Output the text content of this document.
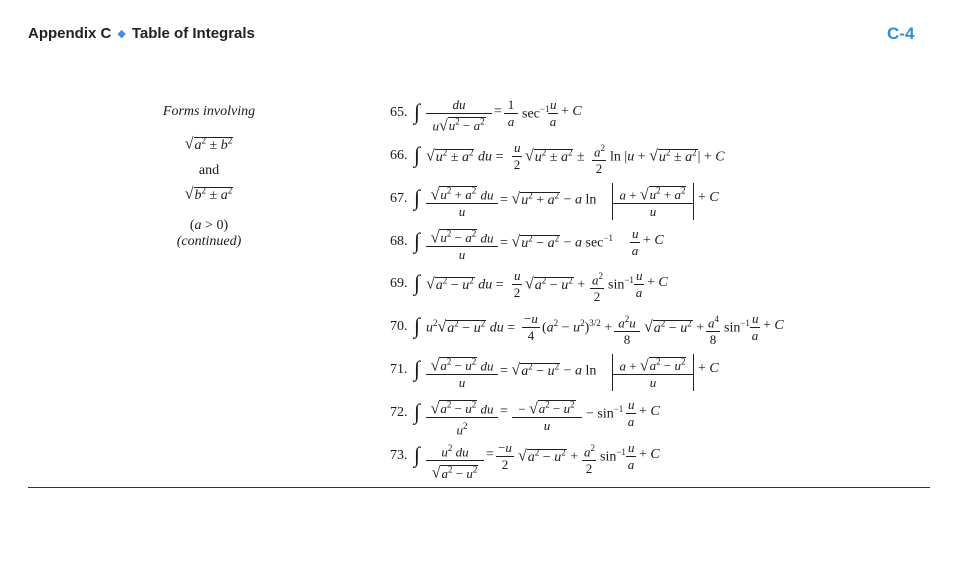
Appendix C ◆ Table of Integrals	C-4
Forms involving
$√a^2 \pm b^2$
and
$√b^2 \pm a^2$
(a > 0)
(continued)
65. ∫ $\frac{du}{u√u^2 - a^2} = \frac{1}{a} \sec^{-1}$
$\frac{u}{a} + C$
66. ∫ $√u^2 \pm a^2$ du = $\frac{u}{2} √u^2 \pm a^2 \pm \frac{a^2}{2}$ $\ln |u + √u^2 \pm a^2| + C$
67. ∫ $\frac{√u^2 + a^2 du}{u} = √u^2 + a^2 - a$ $\ln \frac{a + √u^2 + a^2}{u} + C$
68. ∫ $\frac{√u^2 - a^2 du}{u} = √u^2 - a^2 - a$ $\sec^{-1} \frac{u}{a} + C$
69. ∫ $√a^2 - u^2$ du = $\frac{u}{2} √a^2 - u^2 + \frac{a^2}{2} \sin^{-1} \frac{u}{a} + C$
70. ∫ $u^2√a^2 - u^2$ du = $\frac{-u}{4} (a^2 - u^2)^{3/2} + \frac{a^2u}{8} √a^2 - u^2 + \frac{a^4}{8} \sin^{-1} \frac{u}{a} + C$
71. ∫ $\frac{√a^2 - u^2 du}{u} = √a^2 - u^2 - a$ $\ln \frac{a + √a^2 - u^2}{u} + C$
72. ∫ $\frac{√a^2 - u^2 du}{u^2} = \frac{- √a^2 - u^2}{u} - \sin^{-1} \frac{u}{a} + C$
73. ∫ $\frac{u^2 du}{√a^2 - u^2} = \frac{-u}{2} √a^2 - u^2 + \frac{a^2}{2} \sin^{-1} \frac{u}{a} + C$
